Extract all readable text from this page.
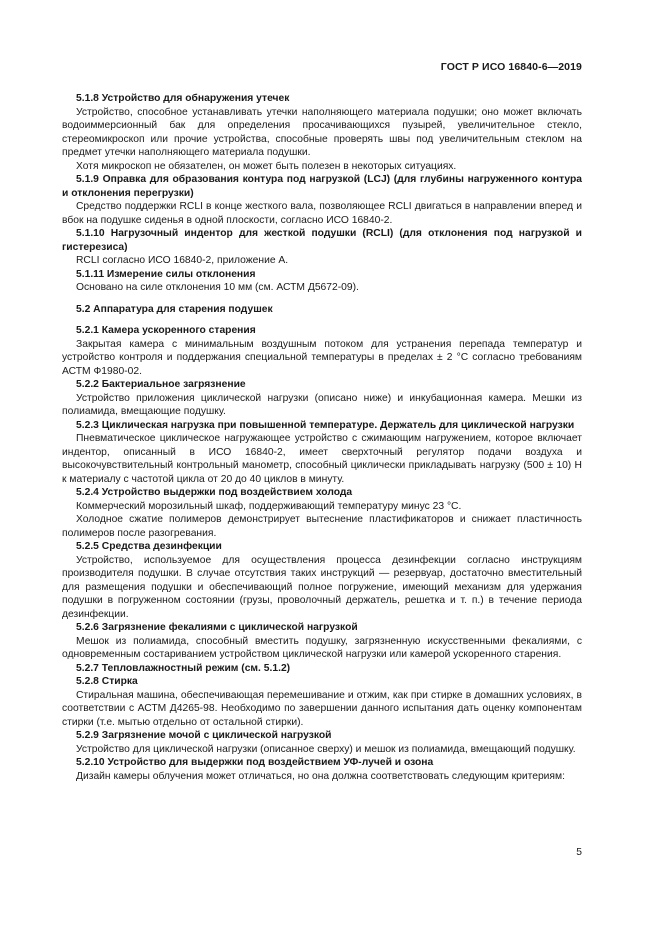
ГОСТ Р ИСО 16840-6—2019

5.1.8 Устройство для обнаружения утечек

Устройство, способное устанавливать утечки наполняющего материала подушки; оно может включать водоиммерсионный бак для определения просачивающихся пузырей, увеличительное стекло, стереомикроскоп или прочие устройства, способные проверять швы под увеличительным стеклом на предмет утечки наполняющего материала подушки.

Хотя микроскоп не обязателен, он может быть полезен в некоторых ситуациях.

5.1.9 Оправка для образования контура под нагрузкой (LCJ) (для глубины нагруженного контура и отклонения перегрузки)

Средство поддержки RCLI в конце жесткого вала, позволяющее RCLI двигаться в направлении вперед и вбок на подушке сиденья в одной плоскости, согласно ИСО 16840-2.

5.1.10 Нагрузочный индентор для жесткой подушки (RCLI) (для отклонения под нагрузкой и гистерезиса)

RCLI согласно ИСО 16840-2, приложение А.

5.1.11 Измерение силы отклонения

Основано на силе отклонения 10 мм (см. АСТМ Д5672-09).

5.2 Аппаратура для старения подушек

5.2.1 Камера ускоренного старения

Закрытая камера с минимальным воздушным потоком для устранения перепада температур и устройство контроля и поддержания специальной температуры в пределах ± 2 °С согласно требованиям АСТМ Ф1980-02.

5.2.2 Бактериальное загрязнение

Устройство приложения циклической нагрузки (описано ниже) и инкубационная камера. Мешки из полиамида, вмещающие подушку.

5.2.3 Циклическая нагрузка при повышенной температуре. Держатель для циклической нагрузки

Пневматическое циклическое нагружающее устройство с сжимающим нагружением, которое включает индентор, описанный в ИСО 16840-2, имеет сверхточный регулятор подачи воздуха и высокочувствительный контрольный манометр, способный циклически прикладывать нагрузку (500 ± 10) Н к материалу с частотой цикла от 20 до 40 циклов в минуту.

5.2.4 Устройство выдержки под воздействием холода

Коммерческий морозильный шкаф, поддерживающий температуру минус 23 °С.

Холодное сжатие полимеров демонстрирует вытеснение пластификаторов и снижает пластичность полимеров после разогревания.

5.2.5 Средства дезинфекции

Устройство, используемое для осуществления процесса дезинфекции согласно инструкциям производителя подушки. В случае отсутствия таких инструкций — резервуар, достаточно вместительный для размещения подушки и обеспечивающий полное погружение, имеющий механизм для удержания подушки в погруженном состоянии (грузы, проволочный держатель, решетка и т. п.) в течение периода дезинфекции.

5.2.6 Загрязнение фекалиями с циклической нагрузкой

Мешок из полиамида, способный вместить подушку, загрязненную искусственными фекалиями, с одновременным состариванием устройством циклической нагрузки или камерой ускоренного старения.

5.2.7 Тепловлажностный режим (см. 5.1.2)

5.2.8 Стирка

Стиральная машина, обеспечивающая перемешивание и отжим, как при стирке в домашних условиях, в соответствии с АСТМ Д4265-98. Необходимо по завершении данного испытания дать оценку компонентам стирки (т.е. мытью отдельно от остальной стирки).

5.2.9 Загрязнение мочой с циклической нагрузкой

Устройство для циклической нагрузки (описанное сверху) и мешок из полиамида, вмещающий подушку.

5.2.10 Устройство для выдержки под воздействием УФ-лучей и озона

Дизайн камеры облучения может отличаться, но она должна соответствовать следующим критериям:

5
